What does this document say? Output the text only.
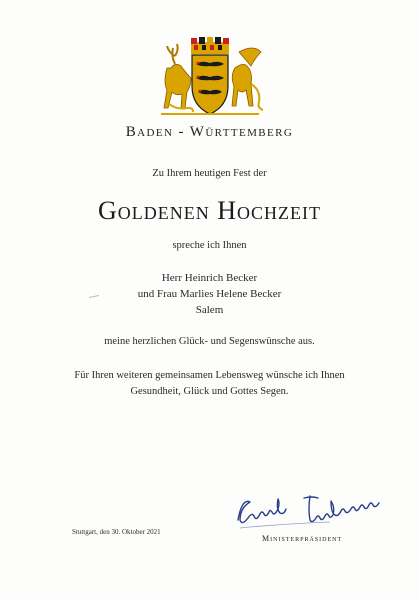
Baden - Württemberg
Zu Ihrem heutigen Fest der
Goldenen Hochzeit
spreche ich Ihnen
Herr Heinrich Becker
und Frau Marlies Helene Becker
Salem
meine herzlichen Glück- und Segenswünsche aus.
Für Ihren weiteren gemeinsamen Lebensweg wünsche ich Ihnen
Gesundheit, Glück und Gottes Segen.
Stuttgart, den 30. Oktober 2021
Ministerpräsident
